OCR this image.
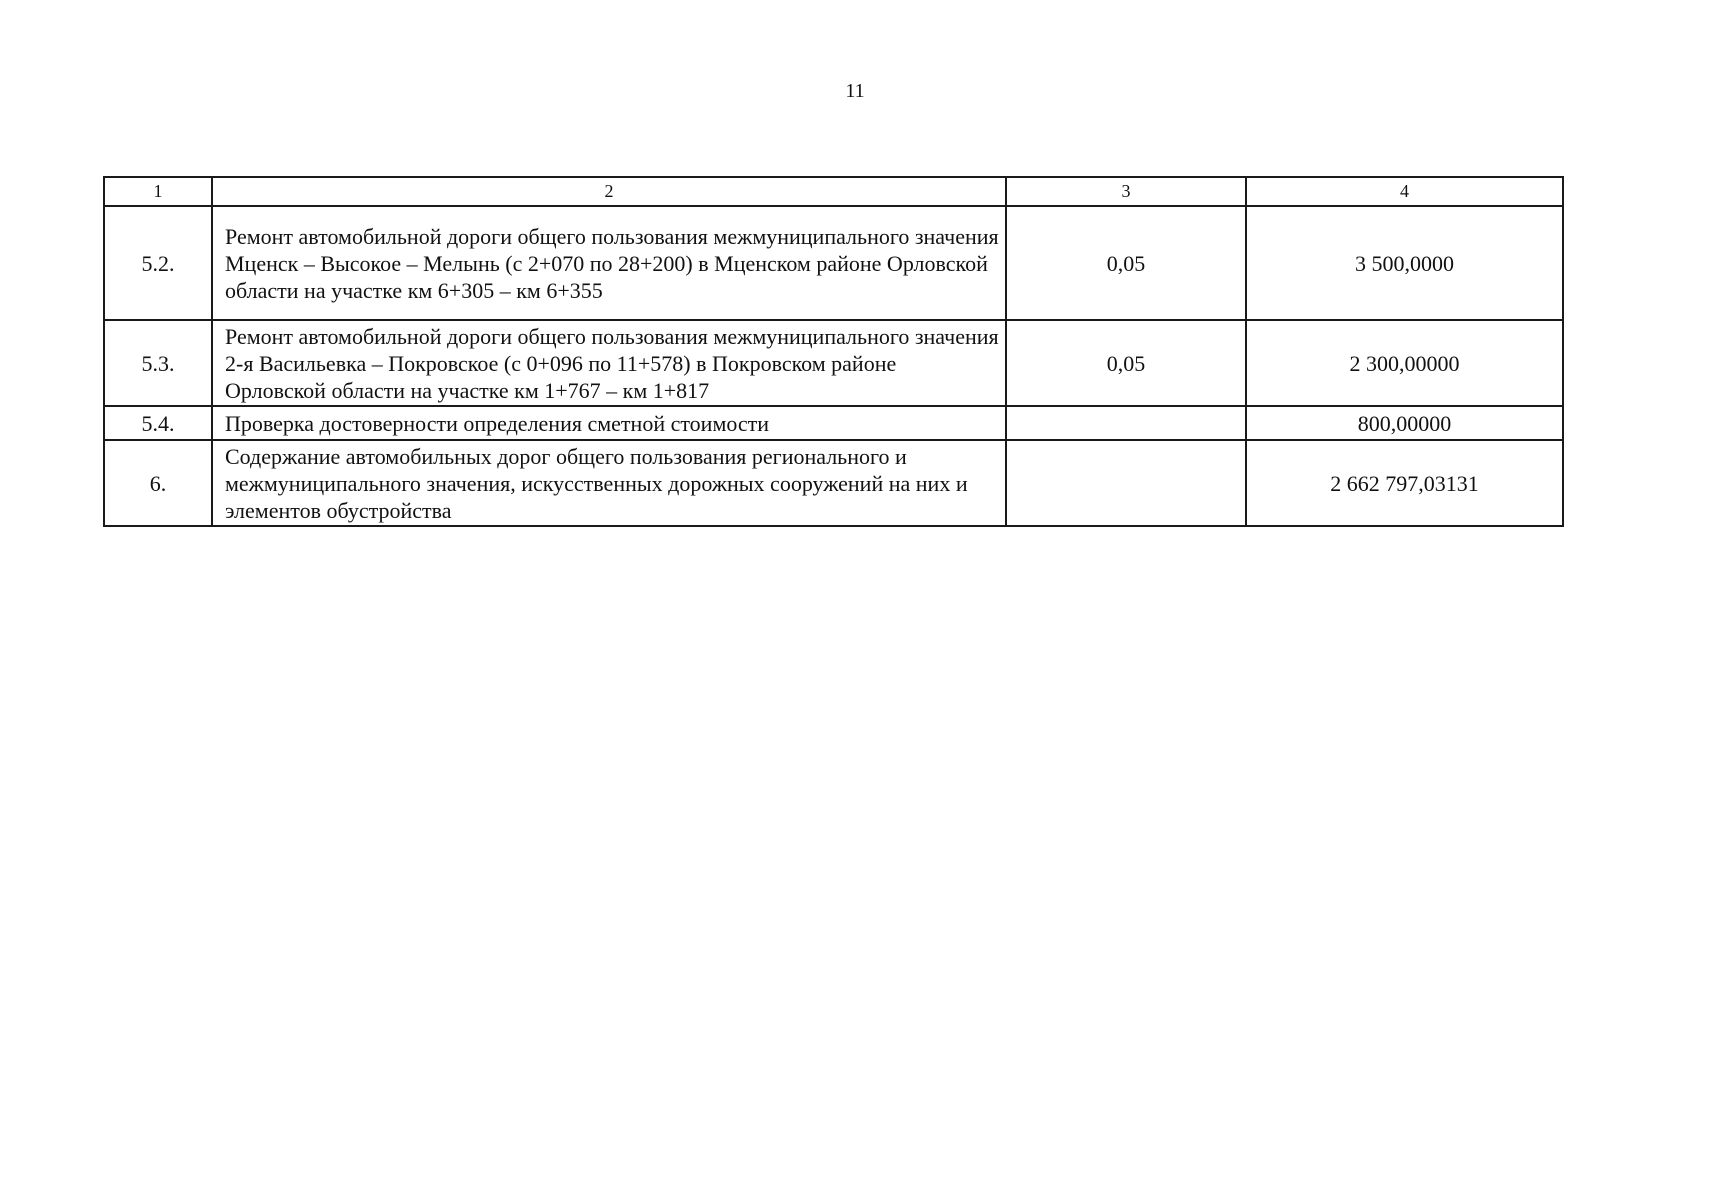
11
1	2	3	4
5.2.	Ремонт автомобильной дороги общего пользования межмуниципального значения Мценск – Высокое – Мелынь (с 2+070 по 28+200) в Мценском районе Орловской области на участке км 6+305 – км 6+355	0,05	3 500,0000
5.3.	Ремонт автомобильной дороги общего пользования межмуниципального значения 2-я Васильевка – Покровское (с 0+096 по 11+578) в Покровском районе Орловской области на участке км 1+767 – км 1+817	0,05	2 300,00000
5.4.	Проверка достоверности определения сметной стоимости		800,00000
6.	Содержание автомобильных дорог общего пользования регионального и межмуниципального значения, искусственных дорожных сооружений на них и элементов обустройства		2 662 797,03131
